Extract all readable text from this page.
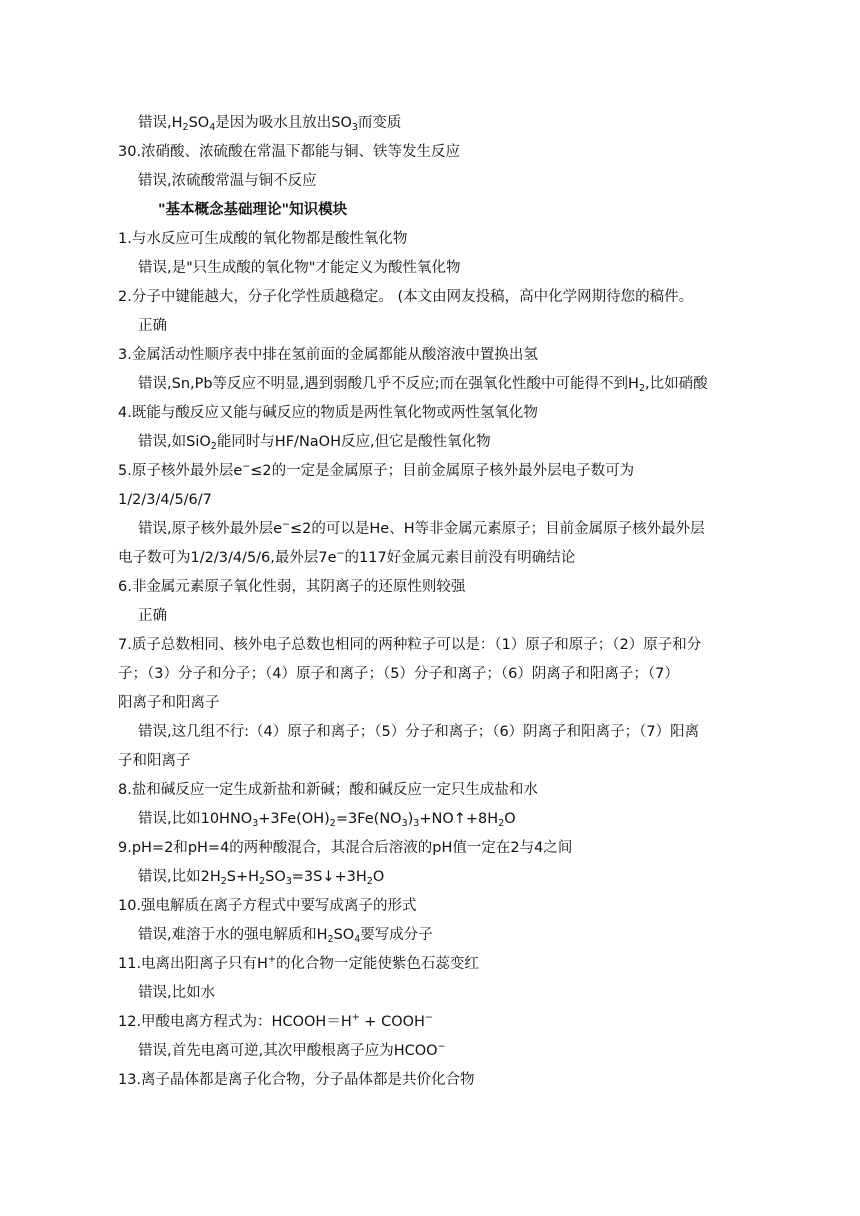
错误$,H_2SO_4$是因为吸水且放出$SO_3$而变质
30.浓硝酸、浓硫酸在常温下都能与铜、铁等发生反应
错误,浓硫酸常温与铜不反应
"基本概念基础理论"知识模块
1.与水反应可生成酸的氧化物都是酸性氧化物
错误,是"只生成酸的氧化物"才能定义为酸性氧化物
2.分子中键能越大，分子化学性质越稳定。 (本文由网友投稿，高中化学网期待您的稿件。
正确
3.金属活动性顺序表中排在氢前面的金属都能从酸溶液中置换出氢
错误,Sn,Pb等反应不明显,遇到弱酸几乎不反应;而在强氧化性酸中可能得不到$H_2$,比如硝酸
4.既能与酸反应又能与碱反应的物质是两性氧化物或两性氢氧化物
错误,如SiO$_2$能同时与HF/NaOH反应,但它是酸性氧化物
5.原子核外最外层e−≤2的一定是金属原子；目前金属原子核外最外层电子数可为
1/2/3/4/5/6/7
错误,原子核外最外层e−≤2的可以是He、H等非金属元素原子；目前金属原子核外最外层
电子数可为1/2/3/4/5/6,最外层7e−的117好金属元素目前没有明确结论
6.非金属元素原子氧化性弱，其阴离子的还原性则较强
正确
7.质子总数相同、核外电子总数也相同的两种粒子可以是：（1）原子和原子；（2）原子和分
子；（3）分子和分子；（4）原子和离子；（5）分子和离子；（6）阴离子和阳离子；（7）
阳离子和阳离子
错误,这几组不行:（4）原子和离子；（5）分子和离子；（6）阴离子和阳离子；（7）阳离
子和阳离子
8.盐和碱反应一定生成新盐和新碱；酸和碱反应一定只生成盐和水
错误,比如$10HNO_3+3Fe(OH)_2=3Fe(NO_3)_3+NO↑+8H_2O$
9.pH=2和pH=4的两种酸混合，其混合后溶液的pH值一定在2与4之间
错误,比如$2H_2S+H_2SO_3=3S↓+3H_2O$
10.强电解质在离子方程式中要写成离子的形式
错误,难溶于水的强电解质和$H_2SO_4$要写成分子
11.电离出阳离子只有H+的化合物一定能使紫色石蕊变红
错误,比如水
12.甲酸电离方程式为：HCOOH＝H+ + COOH−
错误,首先电离可逆,其次甲酸根离子应为HCOO−
13.离子晶体都是离子化合物，分子晶体都是共价化合物
